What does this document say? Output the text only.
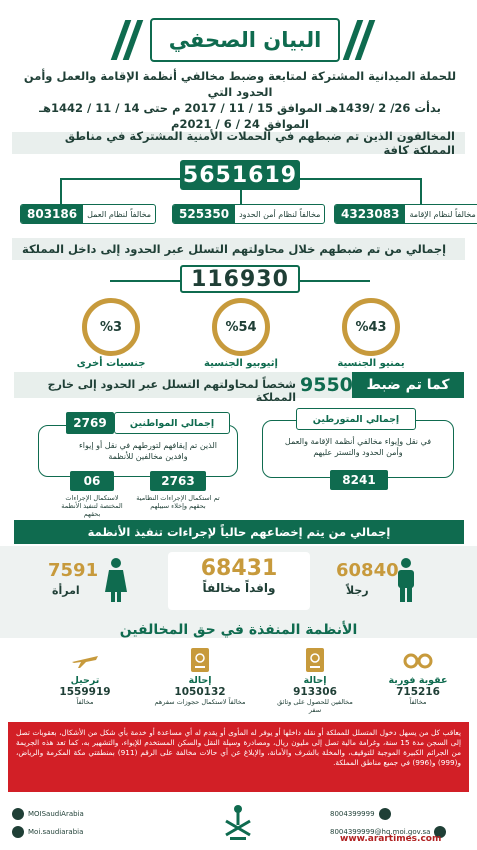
البيان الصحفي
للحملة الميدانية المشتركة لمتابعة وضبط مخالفي أنظمة الإقامة والعمل وأمن الحدود التي
بدأت 26/ 2 /1439هـ الموافق 15 / 11 / 2017 م حتى 14 / 11 / 1442هـ الموافق 24 / 6 / 2021م
المخالفون الذين تم ضبطهم في الحملات الأمنية المشتركة في مناطق المملكة كافة
5651619
مخالفاً لنظام الإقامة
4323083
مخالفاً لنظام أمن الحدود
525350
مخالفاً لنظام العمل
803186
إجمالي من تم ضبطهم خلال محاولتهم التسلل عبر الحدود إلى داخل المملكة
116930
%43
يمنيو الجنسية
%54
إثيوبيو الجنسية
%3
جنسيات أخرى
كما تم ضبط
9550
شخصاً لمحاولتهم التسلل عبر الحدود إلى خارج المملكة
إجمالي المتورطين
في نقل وإيواء مخالفي أنظمة الإقامة والعمل وأمن الحدود والتستر عليهم
8241
إجمالي المواطنين
2769
الذين تم إيقافهم لتورطهم في نقل أو إيواء وافدين مخالفين للأنظمة
2763
06
تم استكمال الإجراءات النظامية بحقهم وإخلاء سبيلهم
لاستكمال الإجراءات المختصة لتنفيذ الأنظمة بحقهم
إجمالي من يتم إخضاعهم حالياً لإجراءات تنفيذ الأنظمة
68431
وافداً مخالفاً
60840
رجلاً
7591
امرأة
الأنظمة المنفذة في حق المخالفين
عقوبة فورية
715216
مخالفاً
إحالة
913306
مخالفين للحصول على وثائق سفر
إحالة
1050132
مخالفاً لاستكمال حجوزات سفرهم
ترحيل
1559919
مخالفاً
يعاقب كل من يسهل دخول المتسلل للمملكة أو نقله داخلها أو يوفر له المأوى أو يقدم له أي مساعدة أو خدمة بأي شكل من الأشكال، بعقوبات تصل إلى السجن مدة 15 سنة، وغرامة مالية تصل إلى مليون ريال، ومصادرة وسيلة النقل والسكن المستخدم للإيواء، والتشهير به، كما تعد هذه الجريمة من الجرائم الكبيرة الموجبة للتوقيف، والمخلة بالشرف والأمانة، والإبلاغ عن أي حالات مخالفة على الرقم (911) بمنطقتي مكة المكرمة والرياض، و(999) و(996) في جميع مناطق المملكة.
MOISaudiArabia
Moi.saudiarabia
8004399999
8004399999@hq.moi.gov.sa
www.arartimes.com
